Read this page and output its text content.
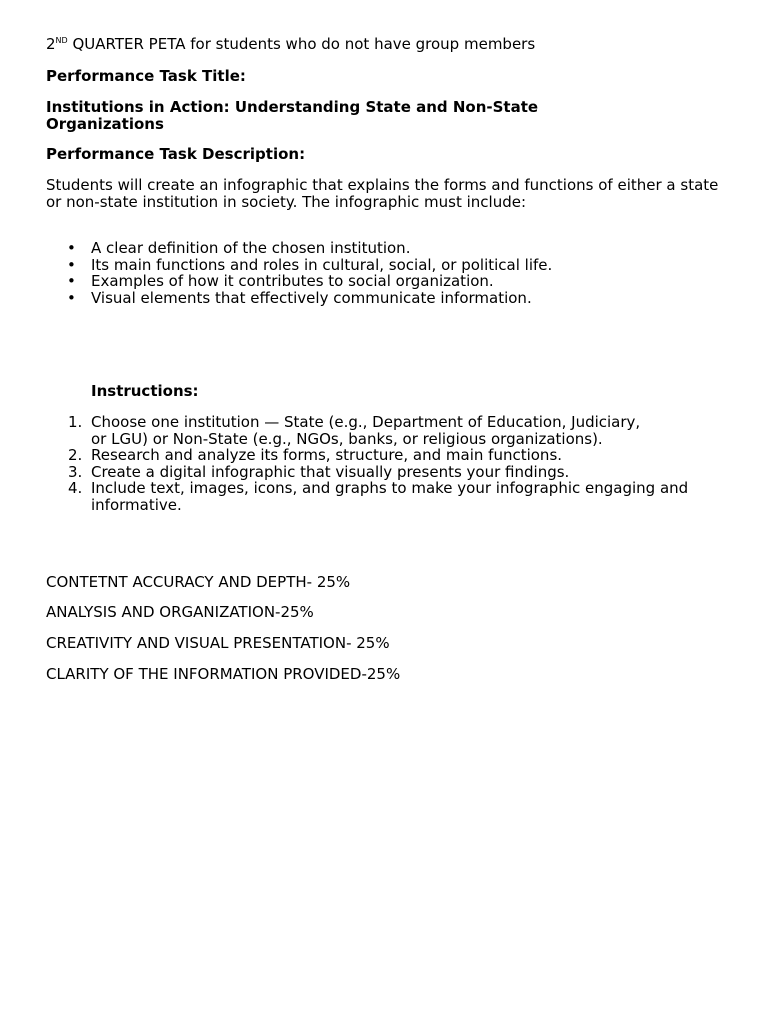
2ND QUARTER PETA for students who do not have group members
Performance Task Title:
Institutions in Action: Understanding State and Non-State Organizations
Performance Task Description:
Students will create an infographic that explains the forms and functions of either a state or non-state institution in society. The infographic must include:
• A clear definition of the chosen institution.
• Its main functions and roles in cultural, social, or political life.
• Examples of how it contributes to social organization.
• Visual elements that effectively communicate information.
Instructions:
1. Choose one institution — State (e.g., Department of Education, Judiciary, or LGU) or Non-State (e.g., NGOs, banks, or religious organizations).
2. Research and analyze its forms, structure, and main functions.
3. Create a digital infographic that visually presents your findings.
4. Include text, images, icons, and graphs to make your infographic engaging and informative.
CONTETNT ACCURACY AND DEPTH- 25%
ANALYSIS AND ORGANIZATION-25%
CREATIVITY AND VISUAL PRESENTATION- 25%
CLARITY OF THE INFORMATION PROVIDED-25%
